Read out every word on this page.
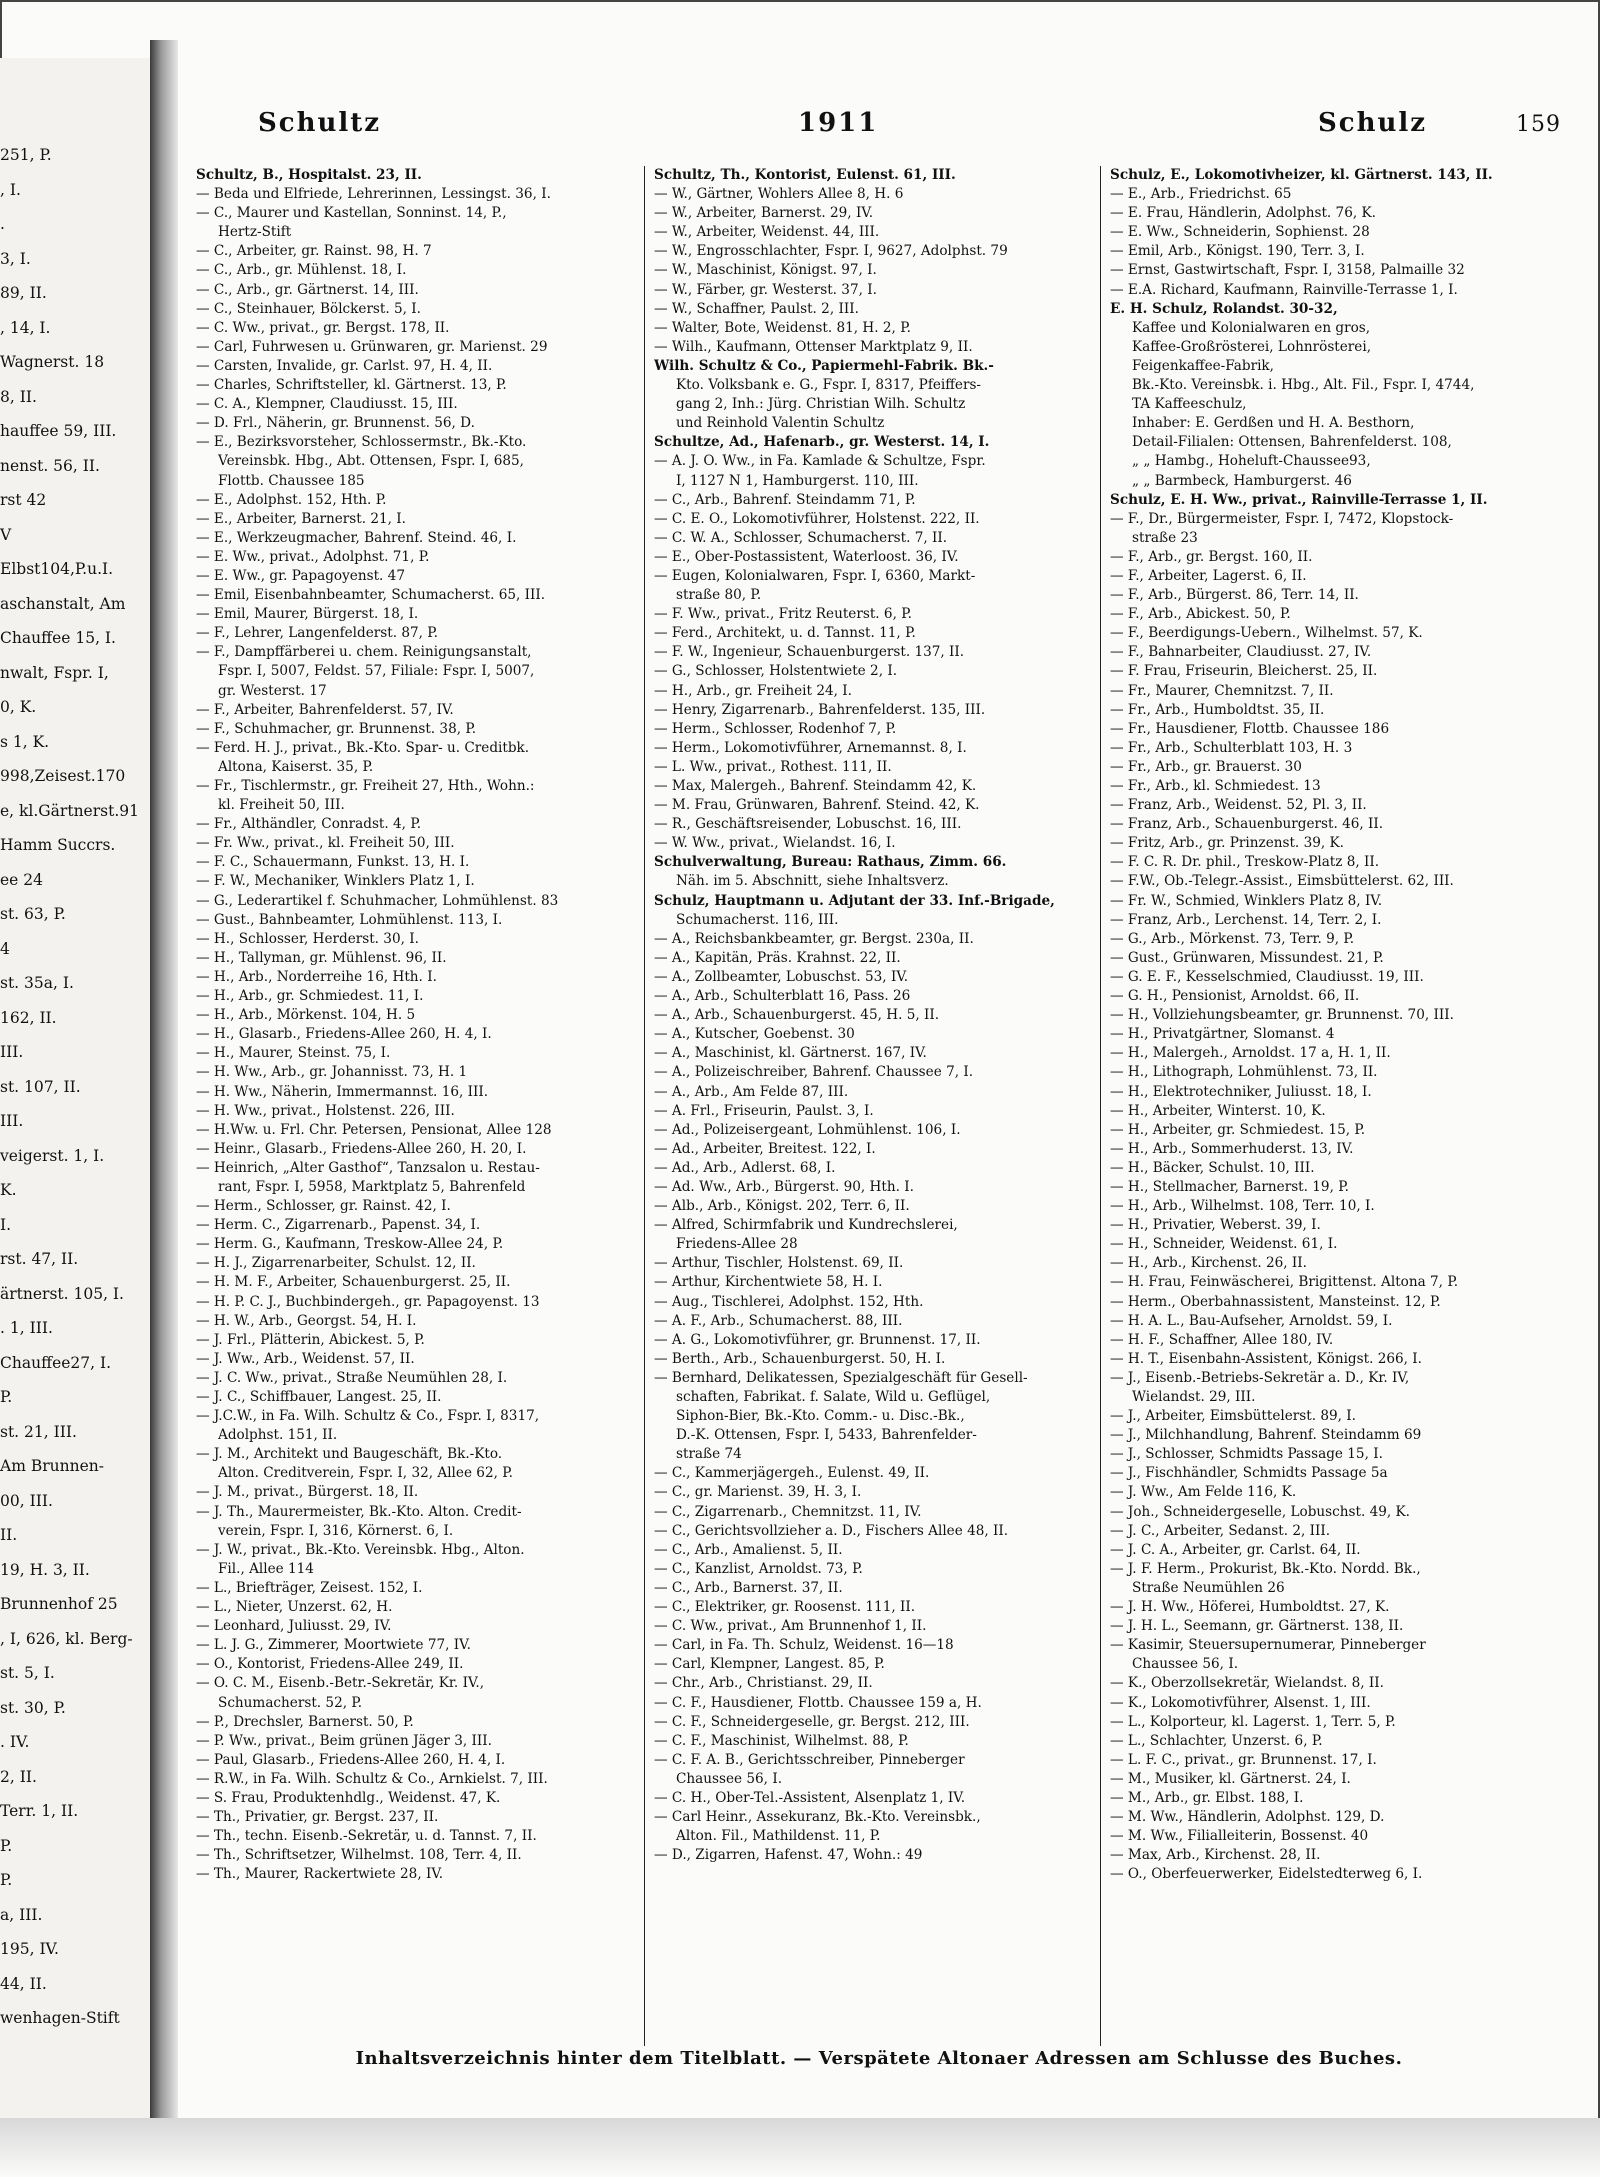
251, P.
, I.
.
3, I.
89, II.
, 14, I.
Wagnerst. 18
8, II.
hauffee 59, III.
nenst. 56, II.
rst 42
V
Elbst104,P.u.I.
aschanstalt, Am
Chauffee 15, I.
nwalt, Fspr. I,
0, K.
s 1, K.
998,Zeisest.170
e, kl.Gärtnerst.91
Hamm Succrs.
ee 24
st. 63, P.
4
st. 35a, I.
162, II.
III.
st. 107, II.
III.
veigerst. 1, I.
K.
I.
rst. 47, II.
ärtnerst. 105, I.
. 1, III.
Chauffee27, I.
P.
st. 21, III.
Am Brunnen-
00, III.
II.
19, H. 3, II.
Brunnenhof 25
, I, 626, kl. Berg-
st. 5, I.
st. 30, P.
. IV.
2, II.
Terr. 1, II.
P.
P.
a, III.
195, IV.
44, II.
wenhagen-Stift
Schultz	1911	Schulz	159
Schultz, B., Hospitalst. 23, II.
— Beda und Elfriede, Lehrerinnen, Lessingst. 36, I.
— C., Maurer und Kastellan, Sonninst. 14, P.,
Hertz-Stift
— C., Arbeiter, gr. Rainst. 98, H. 7
— C., Arb., gr. Mühlenst. 18, I.
— C., Arb., gr. Gärtnerst. 14, III.
— C., Steinhauer, Bölckerst. 5, I.
— C. Ww., privat., gr. Bergst. 178, II.
— Carl, Fuhrwesen u. Grünwaren, gr. Marienst. 29
— Carsten, Invalide, gr. Carlst. 97, H. 4, II.
— Charles, Schriftsteller, kl. Gärtnerst. 13, P.
— C. A., Klempner, Claudiusst. 15, III.
— D. Frl., Näherin, gr. Brunnenst. 56, D.
— E., Bezirksvorsteher, Schlossermstr., Bk.-Kto.
Vereinsbk. Hbg., Abt. Ottensen, Fspr. I, 685,
Flottb. Chaussee 185
— E., Adolphst. 152, Hth. P.
— E., Arbeiter, Barnerst. 21, I.
— E., Werkzeugmacher, Bahrenf. Steind. 46, I.
— E. Ww., privat., Adolphst. 71, P.
— E. Ww., gr. Papagoyenst. 47
— Emil, Eisenbahnbeamter, Schumacherst. 65, III.
— Emil, Maurer, Bürgerst. 18, I.
— F., Lehrer, Langenfelderst. 87, P.
— F., Dampffärberei u. chem. Reinigungsanstalt,
Fspr. I, 5007, Feldst. 57, Filiale: Fspr. I, 5007,
gr. Westerst. 17
— F., Arbeiter, Bahrenfelderst. 57, IV.
— F., Schuhmacher, gr. Brunnenst. 38, P.
— Ferd. H. J., privat., Bk.-Kto. Spar- u. Creditbk.
Altona, Kaiserst. 35, P.
— Fr., Tischlermstr., gr. Freiheit 27, Hth., Wohn.:
kl. Freiheit 50, III.
— Fr., Althändler, Conradst. 4, P.
— Fr. Ww., privat., kl. Freiheit 50, III.
— F. C., Schauermann, Funkst. 13, H. I.
— F. W., Mechaniker, Winklers Platz 1, I.
— G., Lederartikel f. Schuhmacher, Lohmühlenst. 83
— Gust., Bahnbeamter, Lohmühlenst. 113, I.
— H., Schlosser, Herderst. 30, I.
— H., Tallyman, gr. Mühlenst. 96, II.
— H., Arb., Norderreihe 16, Hth. I.
— H., Arb., gr. Schmiedest. 11, I.
— H., Arb., Mörkenst. 104, H. 5
— H., Glasarb., Friedens-Allee 260, H. 4, I.
— H., Maurer, Steinst. 75, I.
— H. Ww., Arb., gr. Johannisst. 73, H. 1
— H. Ww., Näherin, Immermannst. 16, III.
— H. Ww., privat., Holstenst. 226, III.
— H.Ww. u. Frl. Chr. Petersen, Pensionat, Allee 128
— Heinr., Glasarb., Friedens-Allee 260, H. 20, I.
— Heinrich, „Alter Gasthof“, Tanzsalon u. Restau-
rant, Fspr. I, 5958, Marktplatz 5, Bahrenfeld
— Herm., Schlosser, gr. Rainst. 42, I.
— Herm. C., Zigarrenarb., Papenst. 34, I.
— Herm. G., Kaufmann, Treskow-Allee 24, P.
— H. J., Zigarrenarbeiter, Schulst. 12, II.
— H. M. F., Arbeiter, Schauenburgerst. 25, II.
— H. P. C. J., Buchbindergeh., gr. Papagoyenst. 13
— H. W., Arb., Georgst. 54, H. I.
— J. Frl., Plätterin, Abickest. 5, P.
— J. Ww., Arb., Weidenst. 57, II.
— J. C. Ww., privat., Straße Neumühlen 28, I.
— J. C., Schiffbauer, Langest. 25, II.
— J.C.W., in Fa. Wilh. Schultz & Co., Fspr. I, 8317,
Adolphst. 151, II.
— J. M., Architekt und Baugeschäft, Bk.-Kto.
Alton. Creditverein, Fspr. I, 32, Allee 62, P.
— J. M., privat., Bürgerst. 18, II.
— J. Th., Maurermeister, Bk.-Kto. Alton. Credit-
verein, Fspr. I, 316, Körnerst. 6, I.
— J. W., privat., Bk.-Kto. Vereinsbk. Hbg., Alton.
Fil., Allee 114
— L., Briefträger, Zeisest. 152, I.
— L., Nieter, Unzerst. 62, H.
— Leonhard, Juliusst. 29, IV.
— L. J. G., Zimmerer, Moortwiete 77, IV.
— O., Kontorist, Friedens-Allee 249, II.
— O. C. M., Eisenb.-Betr.-Sekretär, Kr. IV.,
Schumacherst. 52, P.
— P., Drechsler, Barnerst. 50, P.
— P. Ww., privat., Beim grünen Jäger 3, III.
— Paul, Glasarb., Friedens-Allee 260, H. 4, I.
— R.W., in Fa. Wilh. Schultz & Co., Arnkielst. 7, III.
— S. Frau, Produktenhdlg., Weidenst. 47, K.
— Th., Privatier, gr. Bergst. 237, II.
— Th., techn. Eisenb.-Sekretär, u. d. Tannst. 7, II.
— Th., Schriftsetzer, Wilhelmst. 108, Terr. 4, II.
— Th., Maurer, Rackertwiete 28, IV.
Schultz, Th., Kontorist, Eulenst. 61, III.
— W., Gärtner, Wohlers Allee 8, H. 6
— W., Arbeiter, Barnerst. 29, IV.
— W., Arbeiter, Weidenst. 44, III.
— W., Engrosschlachter, Fspr. I, 9627, Adolphst. 79
— W., Maschinist, Königst. 97, I.
— W., Färber, gr. Westerst. 37, I.
— W., Schaffner, Paulst. 2, III.
— Walter, Bote, Weidenst. 81, H. 2, P.
— Wilh., Kaufmann, Ottenser Marktplatz 9, II.
Wilh. Schultz & Co., Papiermehl-Fabrik. Bk.-
Kto. Volksbank e. G., Fspr. I, 8317, Pfeiffers-
gang 2, Inh.: Jürg. Christian Wilh. Schultz
und Reinhold Valentin Schultz
Schultze, Ad., Hafenarb., gr. Westerst. 14, I.
— A. J. O. Ww., in Fa. Kamlade & Schultze, Fspr.
I, 1127 N 1, Hamburgerst. 110, III.
— C., Arb., Bahrenf. Steindamm 71, P.
— C. E. O., Lokomotivführer, Holstenst. 222, II.
— C. W. A., Schlosser, Schumacherst. 7, II.
— E., Ober-Postassistent, Waterloost. 36, IV.
— Eugen, Kolonialwaren, Fspr. I, 6360, Markt-
straße 80, P.
— F. Ww., privat., Fritz Reuterst. 6, P.
— Ferd., Architekt, u. d. Tannst. 11, P.
— F. W., Ingenieur, Schauenburgerst. 137, II.
— G., Schlosser, Holstentwiete 2, I.
— H., Arb., gr. Freiheit 24, I.
— Henry, Zigarrenarb., Bahrenfelderst. 135, III.
— Herm., Schlosser, Rodenhof 7, P.
— Herm., Lokomotivführer, Arnemannst. 8, I.
— L. Ww., privat., Rothest. 111, II.
— Max, Malergeh., Bahrenf. Steindamm 42, K.
— M. Frau, Grünwaren, Bahrenf. Steind. 42, K.
— R., Geschäftsreisender, Lobuschst. 16, III.
— W. Ww., privat., Wielandst. 16, I.
Schulverwaltung, Bureau: Rathaus, Zimm. 66.
Näh. im 5. Abschnitt, siehe Inhaltsverz.
Schulz, Hauptmann u. Adjutant der 33. Inf.-Brigade,
Schumacherst. 116, III.
— A., Reichsbankbeamter, gr. Bergst. 230a, II.
— A., Kapitän, Präs. Krahnst. 22, II.
— A., Zollbeamter, Lobuschst. 53, IV.
— A., Arb., Schulterblatt 16, Pass. 26
— A., Arb., Schauenburgerst. 45, H. 5, II.
— A., Kutscher, Goebenst. 30
— A., Maschinist, kl. Gärtnerst. 167, IV.
— A., Polizeischreiber, Bahrenf. Chaussee 7, I.
— A., Arb., Am Felde 87, III.
— A. Frl., Friseurin, Paulst. 3, I.
— Ad., Polizeisergeant, Lohmühlenst. 106, I.
— Ad., Arbeiter, Breitest. 122, I.
— Ad., Arb., Adlerst. 68, I.
— Ad. Ww., Arb., Bürgerst. 90, Hth. I.
— Alb., Arb., Königst. 202, Terr. 6, II.
— Alfred, Schirmfabrik und Kundrechslerei,
Friedens-Allee 28
— Arthur, Tischler, Holstenst. 69, II.
— Arthur, Kirchentwiete 58, H. I.
— Aug., Tischlerei, Adolphst. 152, Hth.
— A. F., Arb., Schumacherst. 88, III.
— A. G., Lokomotivführer, gr. Brunnenst. 17, II.
— Berth., Arb., Schauenburgerst. 50, H. I.
— Bernhard, Delikatessen, Spezialgeschäft für Gesell-
schaften, Fabrikat. f. Salate, Wild u. Geflügel,
Siphon-Bier, Bk.-Kto. Comm.- u. Disc.-Bk.,
D.-K. Ottensen, Fspr. I, 5433, Bahrenfelder-
straße 74
— C., Kammerjägergeh., Eulenst. 49, II.
— C., gr. Marienst. 39, H. 3, I.
— C., Zigarrenarb., Chemnitzst. 11, IV.
— C., Gerichtsvollzieher a. D., Fischers Allee 48, II.
— C., Arb., Amalienst. 5, II.
— C., Kanzlist, Arnoldst. 73, P.
— C., Arb., Barnerst. 37, II.
— C., Elektriker, gr. Roosenst. 111, II.
— C. Ww., privat., Am Brunnenhof 1, II.
— Carl, in Fa. Th. Schulz, Weidenst. 16—18
— Carl, Klempner, Langest. 85, P.
— Chr., Arb., Christianst. 29, II.
— C. F., Hausdiener, Flottb. Chaussee 159 a, H.
— C. F., Schneidergeselle, gr. Bergst. 212, III.
— C. F., Maschinist, Wilhelmst. 88, P.
— C. F. A. B., Gerichtsschreiber, Pinneberger
Chaussee 56, I.
— C. H., Ober-Tel.-Assistent, Alsenplatz 1, IV.
— Carl Heinr., Assekuranz, Bk.-Kto. Vereinsbk.,
Alton. Fil., Mathildenst. 11, P.
— D., Zigarren, Hafenst. 47, Wohn.: 49
Schulz, E., Lokomotivheizer, kl. Gärtnerst. 143, II.
— E., Arb., Friedrichst. 65
— E. Frau, Händlerin, Adolphst. 76, K.
— E. Ww., Schneiderin, Sophienst. 28
— Emil, Arb., Königst. 190, Terr. 3, I.
— Ernst, Gastwirtschaft, Fspr. I, 3158, Palmaille 32
— E.A. Richard, Kaufmann, Rainville-Terrasse 1, I.
E. H. Schulz, Rolandst. 30-32,
Kaffee und Kolonialwaren en gros,
Kaffee-Großrösterei, Lohnrösterei,
Feigenkaffee-Fabrik,
Bk.-Kto. Vereinsbk. i. Hbg., Alt. Fil., Fspr. I, 4744,
TA Kaffeeschulz,
Inhaber: E. Gerdßen und H. A. Besthorn,
Detail-Filialen: Ottensen, Bahrenfelderst. 108,
„ „ Hambg., Hoheluft-Chaussee93,
„ „ Barmbeck, Hamburgerst. 46
Schulz, E. H. Ww., privat., Rainville-Terrasse 1, II.
— F., Dr., Bürgermeister, Fspr. I, 7472, Klopstock-
straße 23
— F., Arb., gr. Bergst. 160, II.
— F., Arbeiter, Lagerst. 6, II.
— F., Arb., Bürgerst. 86, Terr. 14, II.
— F., Arb., Abickest. 50, P.
— F., Beerdigungs-Uebern., Wilhelmst. 57, K.
— F., Bahnarbeiter, Claudiusst. 27, IV.
— F. Frau, Friseurin, Bleicherst. 25, II.
— Fr., Maurer, Chemnitzst. 7, II.
— Fr., Arb., Humboldtst. 35, II.
— Fr., Hausdiener, Flottb. Chaussee 186
— Fr., Arb., Schulterblatt 103, H. 3
— Fr., Arb., gr. Brauerst. 30
— Fr., Arb., kl. Schmiedest. 13
— Franz, Arb., Weidenst. 52, Pl. 3, II.
— Franz, Arb., Schauenburgerst. 46, II.
— Fritz, Arb., gr. Prinzenst. 39, K.
— F. C. R. Dr. phil., Treskow-Platz 8, II.
— F.W., Ob.-Telegr.-Assist., Eimsbüttelerst. 62, III.
— Fr. W., Schmied, Winklers Platz 8, IV.
— Franz, Arb., Lerchenst. 14, Terr. 2, I.
— G., Arb., Mörkenst. 73, Terr. 9, P.
— Gust., Grünwaren, Missundest. 21, P.
— G. E. F., Kesselschmied, Claudiusst. 19, III.
— G. H., Pensionist, Arnoldst. 66, II.
— H., Vollziehungsbeamter, gr. Brunnenst. 70, III.
— H., Privatgärtner, Slomanst. 4
— H., Malergeh., Arnoldst. 17 a, H. 1, II.
— H., Lithograph, Lohmühlenst. 73, II.
— H., Elektrotechniker, Juliusst. 18, I.
— H., Arbeiter, Winterst. 10, K.
— H., Arbeiter, gr. Schmiedest. 15, P.
— H., Arb., Sommerhuderst. 13, IV.
— H., Bäcker, Schulst. 10, III.
— H., Stellmacher, Barnerst. 19, P.
— H., Arb., Wilhelmst. 108, Terr. 10, I.
— H., Privatier, Weberst. 39, I.
— H., Schneider, Weidenst. 61, I.
— H., Arb., Kirchenst. 26, II.
— H. Frau, Feinwäscherei, Brigittenst. Altona 7, P.
— Herm., Oberbahnassistent, Mansteinst. 12, P.
— H. A. L., Bau-Aufseher, Arnoldst. 59, I.
— H. F., Schaffner, Allee 180, IV.
— H. T., Eisenbahn-Assistent, Königst. 266, I.
— J., Eisenb.-Betriebs-Sekretär a. D., Kr. IV,
Wielandst. 29, III.
— J., Arbeiter, Eimsbüttelerst. 89, I.
— J., Milchhandlung, Bahrenf. Steindamm 69
— J., Schlosser, Schmidts Passage 15, I.
— J., Fischhändler, Schmidts Passage 5a
— J. Ww., Am Felde 116, K.
— Joh., Schneidergeselle, Lobuschst. 49, K.
— J. C., Arbeiter, Sedanst. 2, III.
— J. C. A., Arbeiter, gr. Carlst. 64, II.
— J. F. Herm., Prokurist, Bk.-Kto. Nordd. Bk.,
Straße Neumühlen 26
— J. H. Ww., Höferei, Humboldtst. 27, K.
— J. H. L., Seemann, gr. Gärtnerst. 138, II.
— Kasimir, Steuersupernumerar, Pinneberger
Chaussee 56, I.
— K., Oberzollsekretär, Wielandst. 8, II.
— K., Lokomotivführer, Alsenst. 1, III.
— L., Kolporteur, kl. Lagerst. 1, Terr. 5, P.
— L., Schlachter, Unzerst. 6, P.
— L. F. C., privat., gr. Brunnenst. 17, I.
— M., Musiker, kl. Gärtnerst. 24, I.
— M., Arb., gr. Elbst. 188, I.
— M. Ww., Händlerin, Adolphst. 129, D.
— M. Ww., Filialleiterin, Bossenst. 40
— Max, Arb., Kirchenst. 28, II.
— O., Oberfeuerwerker, Eidelstedterweg 6, I.
Inhaltsverzeichnis hinter dem Titelblatt. — Verspätete Altonaer Adressen am Schlusse des Buches.
